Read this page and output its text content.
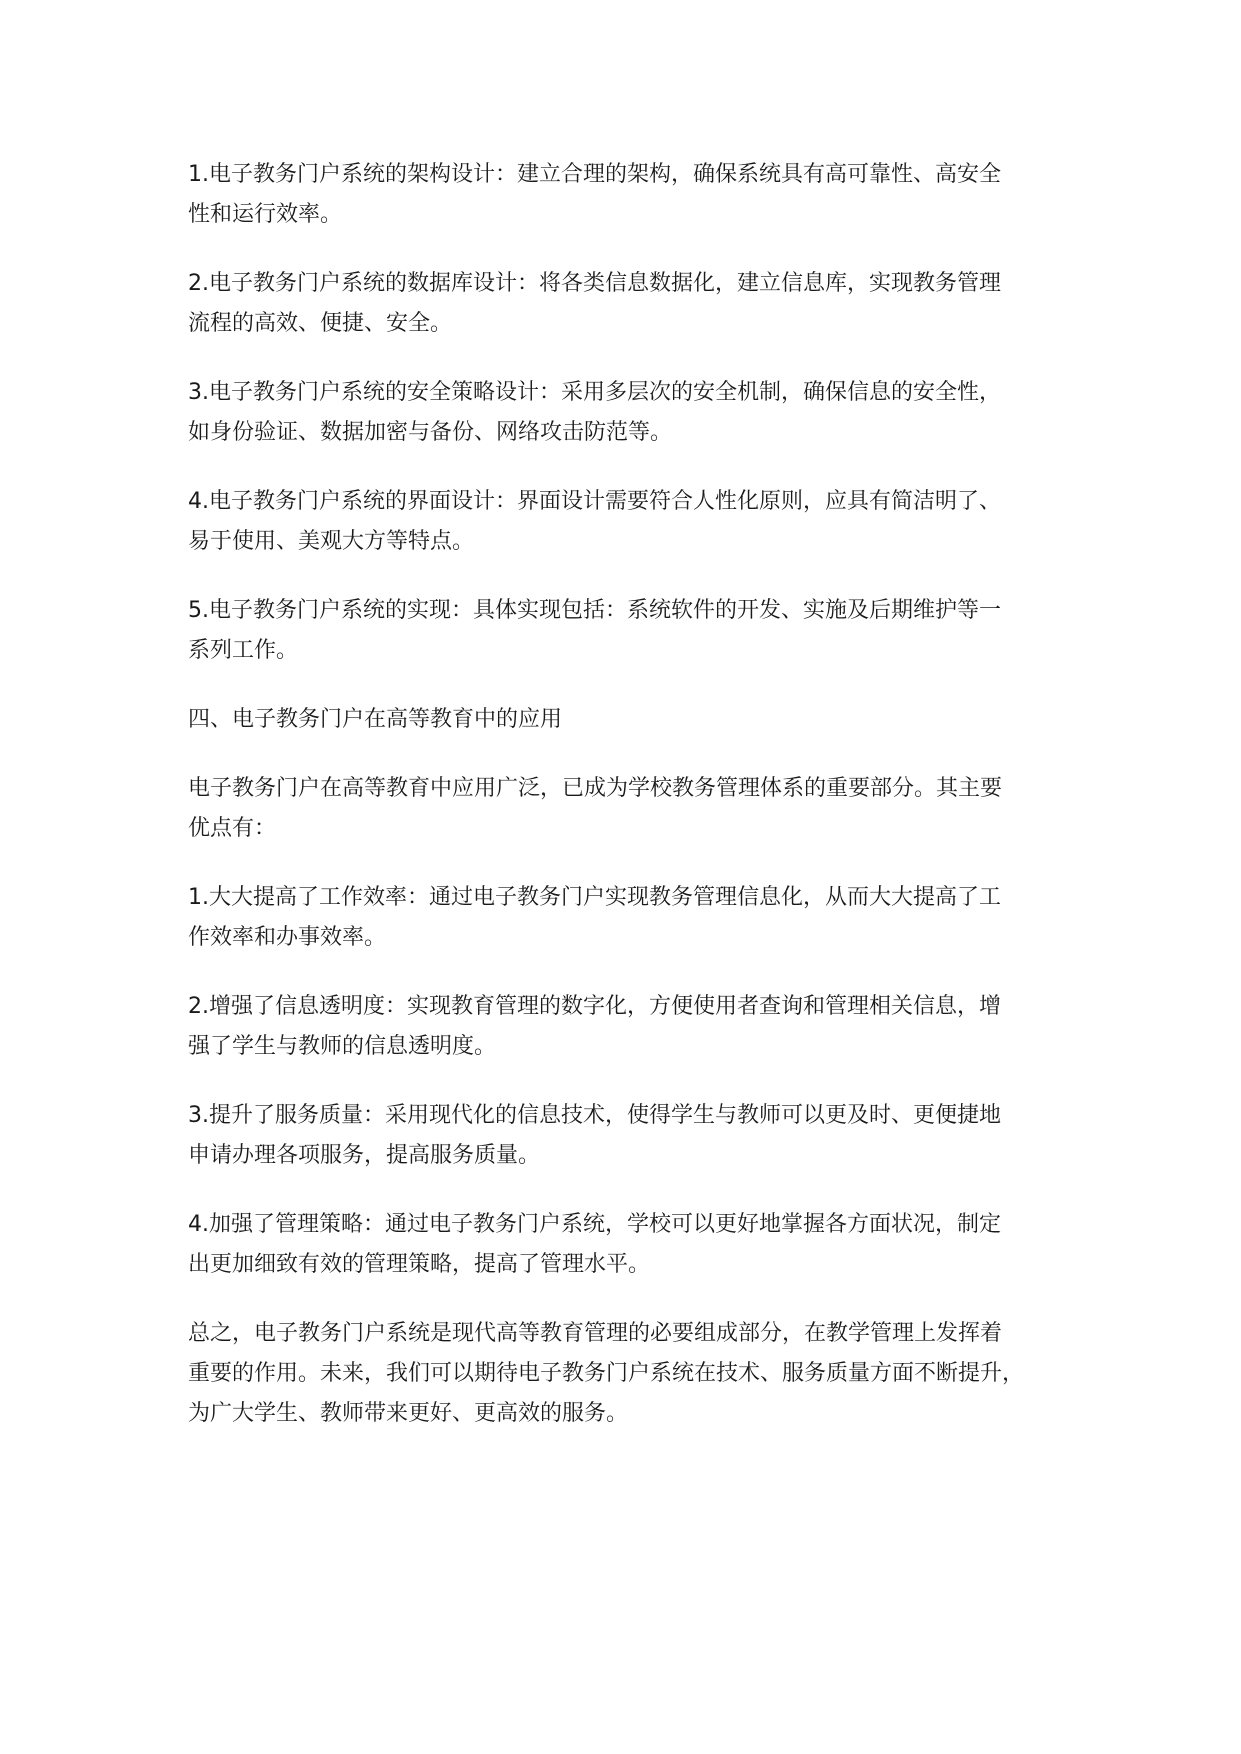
1.电子教务门户系统的架构设计：建立合理的架构，确保系统具有高可靠性、高安全
性和运行效率。

2.电子教务门户系统的数据库设计：将各类信息数据化，建立信息库，实现教务管理
流程的高效、便捷、安全。

3.电子教务门户系统的安全策略设计：采用多层次的安全机制，确保信息的安全性，
如身份验证、数据加密与备份、网络攻击防范等。

4.电子教务门户系统的界面设计：界面设计需要符合人性化原则，应具有简洁明了、
易于使用、美观大方等特点。

5.电子教务门户系统的实现：具体实现包括：系统软件的开发、实施及后期维护等一
系列工作。

四、电子教务门户在高等教育中的应用

电子教务门户在高等教育中应用广泛，已成为学校教务管理体系的重要部分。其主要
优点有：

1.大大提高了工作效率：通过电子教务门户实现教务管理信息化，从而大大提高了工
作效率和办事效率。

2.增强了信息透明度：实现教育管理的数字化，方便使用者查询和管理相关信息，增
强了学生与教师的信息透明度。

3.提升了服务质量：采用现代化的信息技术，使得学生与教师可以更及时、更便捷地
申请办理各项服务，提高服务质量。

4.加强了管理策略：通过电子教务门户系统，学校可以更好地掌握各方面状况，制定
出更加细致有效的管理策略，提高了管理水平。

总之，电子教务门户系统是现代高等教育管理的必要组成部分，在教学管理上发挥着
重要的作用。未来，我们可以期待电子教务门户系统在技术、服务质量方面不断提升，
为广大学生、教师带来更好、更高效的服务。
